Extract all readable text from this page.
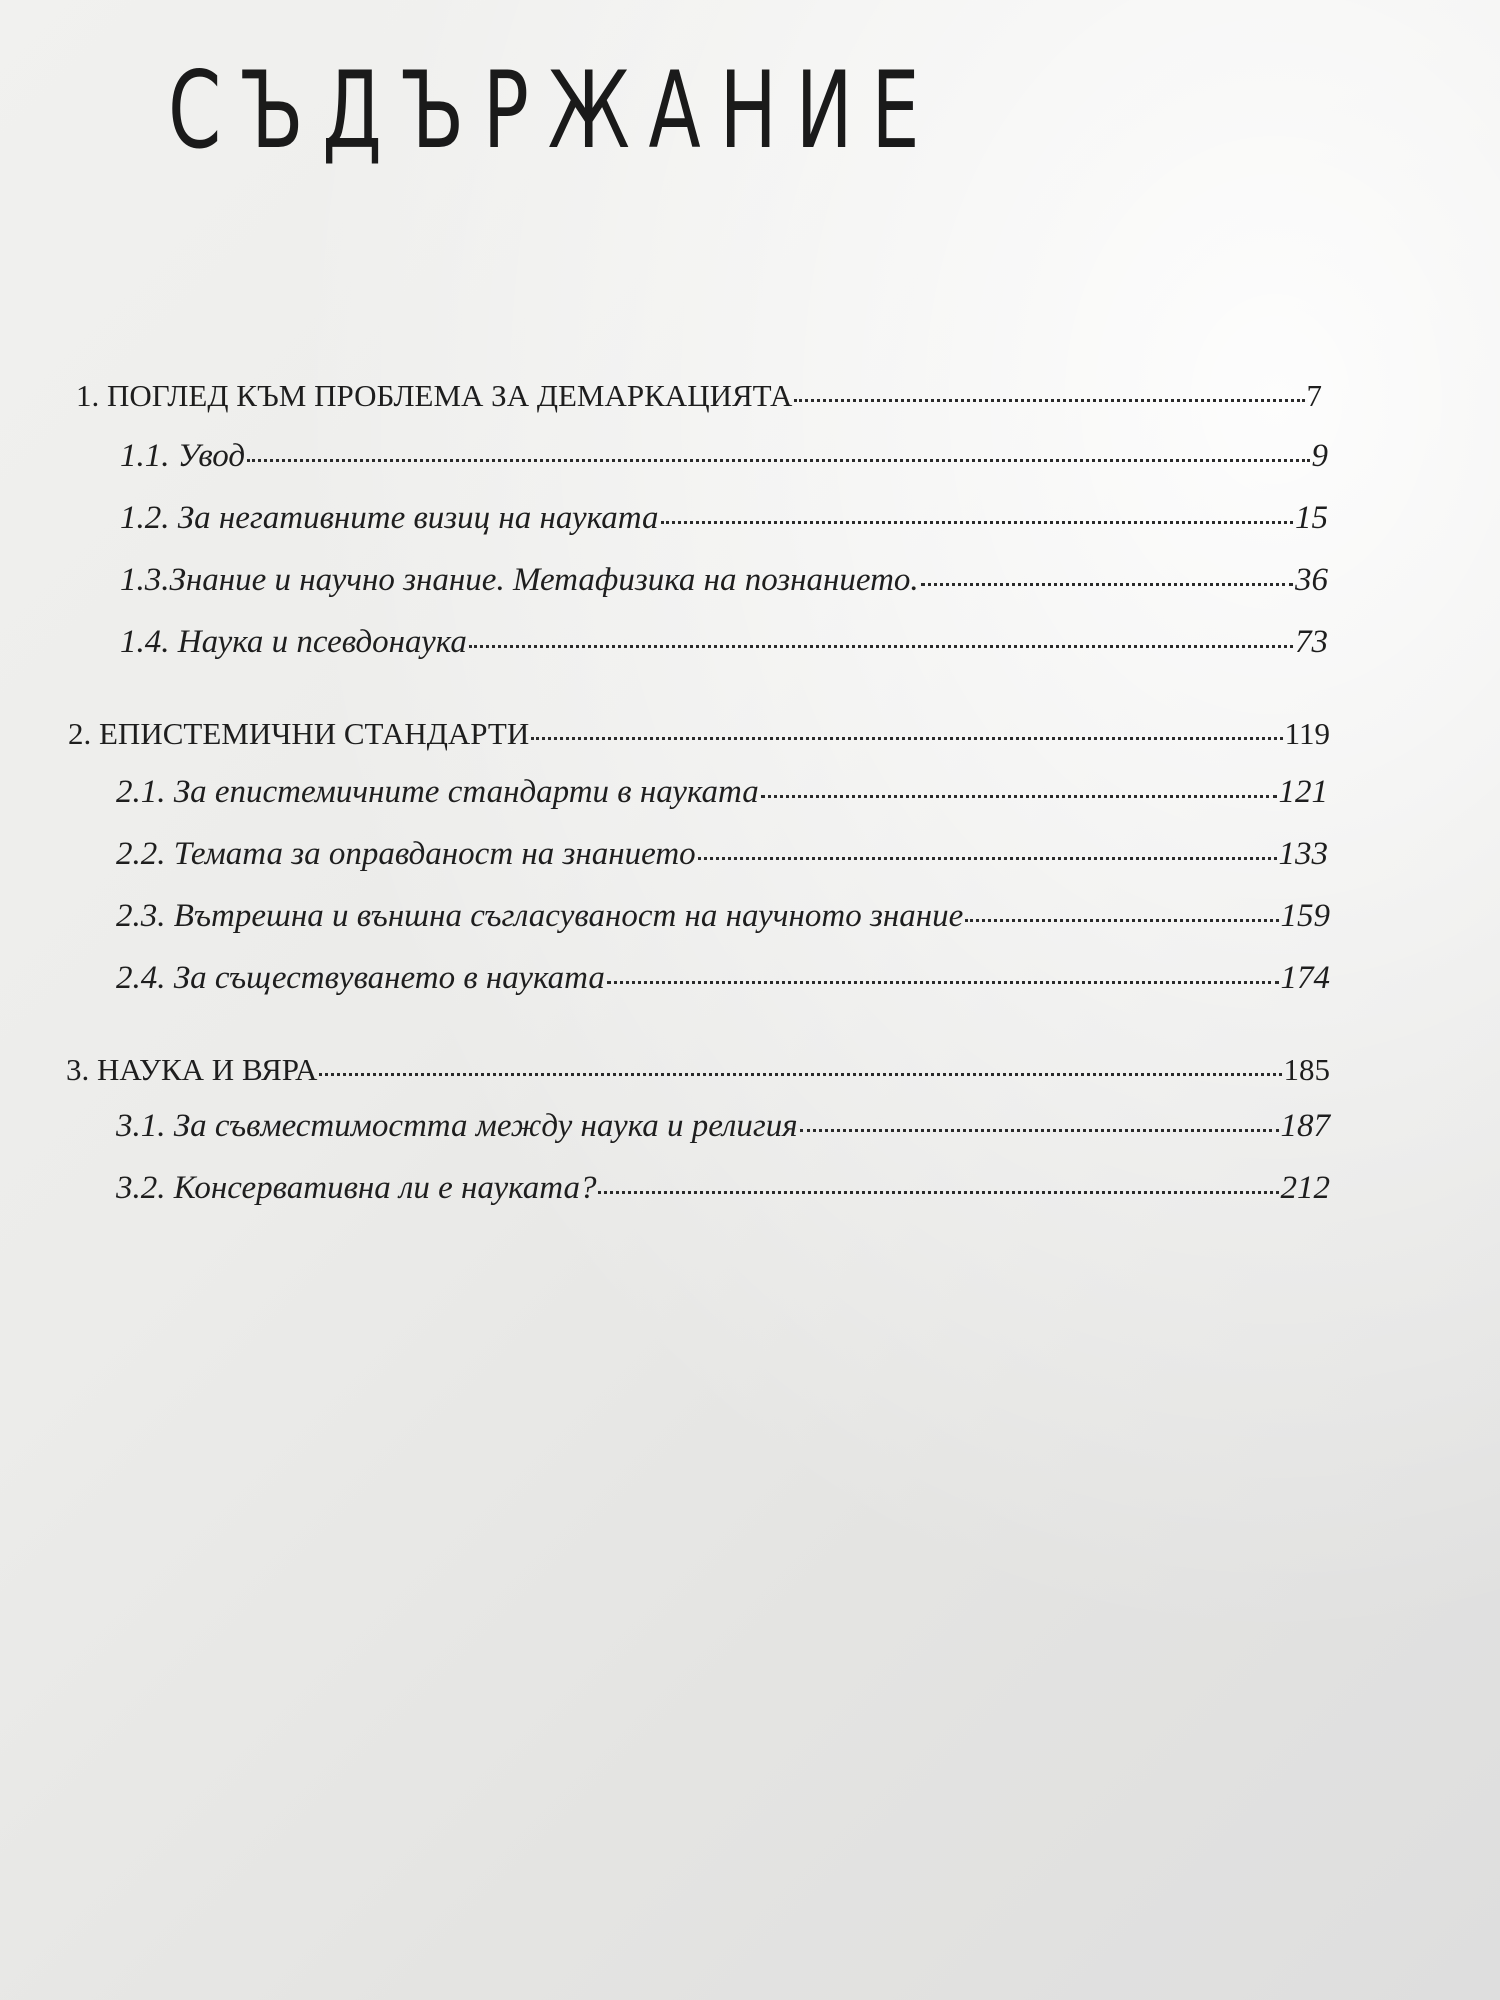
СЪДЪРЖАНИЕ
1. ПОГЛЕД КЪМ ПРОБЛЕМА ЗА ДЕМАРКАЦИЯТА	7
1.1. Увод	9
1.2. За негативните визиц на науката	15
1.3.Знание и научно знание. Метафизика на познанието.	36
1.4. Наука и псевдонаука	73
2. ЕПИСТЕМИЧНИ СТАНДАРТИ	119
2.1. За епистемичните стандарти в науката	121
2.2. Темата за оправданост на знанието	133
2.3. Вътрешна и външна съгласуваност на научното знание	159
2.4. За съществуването в науката	174
3. НАУКА И ВЯРА	185
3.1. За съвместимостта между наука и религия	187
3.2. Консервативна ли е науката?	212
